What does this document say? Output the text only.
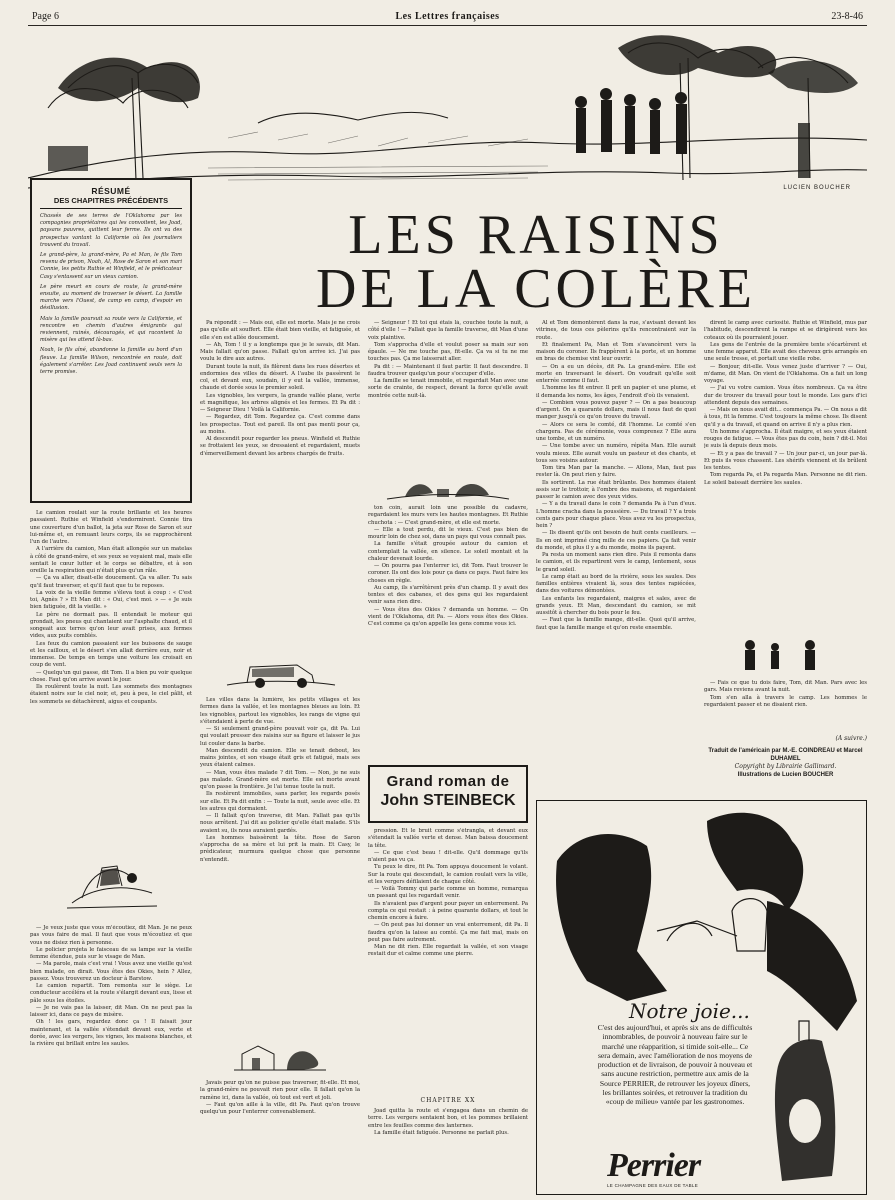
Page 6	Les Lettres françaises	23-8-46
LUCIEN BOUCHER
RÉSUMÉ
DES CHAPITRES PRÉCÉDENTS

Chassés de ses terres de l'Oklahoma par les compagnies propriétaires qui les convoitent, les Joad, paysans pauvres, quittent leur ferme. Ils ont vu des prospectus vantant la Californie où les journaliers trouvent du travail.

Le grand-père, la grand-mère, Pa et Man, le fils Tom revenu de prison, Noah, Al, Rose de Saron et son mari Connie, les petits Ruthie et Winfield, et le prédicateur Casy s'entassent sur un vieux camion.

Le père meurt en cours de route, la grand-mère ensuite, au moment de traverser le désert. La famille marche vers l'Ouest, de camp en camp, d'espoir en désillusion.

Mais la famille poursuit sa route vers la Californie, et rencontre en chemin d'autres émigrants qui reviennent, ruinés, découragés, et qui racontent la misère qui les attend là-bas.

Noah, le fils aîné, abandonne la famille au bord d'un fleuve. La famille Wilson, rencontrée en route, doit également s'arrêter. Les Joad continuent seuls vers la terre promise.

LES RAISINS
DE LA COLÈRE

Le camion roulait sur la route brillante et les heures passaient. Ruthie et Winfield s'endormirent. Connie tira une couverture d'un ballot, la jeta sur Rose de Saron et sur lui-même et, en remuant leurs corps, ils se rapprochèrent l'un de l'autre.

A l'arrière du camion, Man était allongée sur un matelas à côté de grand-mère, et ses yeux se voyaient mal, mais elle sentait le cœur lutter et le corps se débattre, et à son oreille la respiration qui n'était plus qu'un râle.

— Ça va aller, disait-elle doucement. Ça va aller. Tu sais qu'il faut traverser, et qu'il faut que tu te reposes.

La voix de la vieille femme s'éleva tout à coup : « C'est toi, Agnès ? » Et Man dit : « Oui, c'est moi. » — « Je suis bien fatiguée, dit la vieille. »

Le père ne dormait pas. Il entendait le moteur qui grondait, les pneus qui chantaient sur l'asphalte chaud, et il songeait aux terres qu'on leur avait prises, aux fermes vides, aux puits comblés.

Les feux du camion passaient sur les buissons de sauge et les cailloux, et le désert s'en allait derrière eux, noir et immense. De temps en temps une voiture les croisait en coup de vent.

— Quelqu'un qui passe, dit Tom. Il a bien pu voir quelque chose. Faut qu'on arrive avant le jour.

Ils roulèrent toute la nuit. Les sommets des montagnes étaient noirs sur le ciel noir, et, peu à peu, le ciel pâlit, et les sommets se détachèrent, aigus et coupants.

— Je veux juste que vous m'écoutiez, dit Man. Je ne peux pas vous faire de mal. Il faut que vous m'écoutiez et que vous ne disiez rien à personne.

Le policier projeta le faisceau de sa lampe sur la vieille femme étendue, puis sur le visage de Man.

— Ma parole, mais c'est vrai ! Vous avez une vieille qu'est bien malade, on dirait. Vous êtes des Okies, hein ? Allez, passez. Vous trouverez un docteur à Barstow.

Le camion repartit. Tom remonta sur le siège. Le conducteur accéléra et la route s'élargit devant eux, lisse et pâle sous les étoiles.

— Je ne vais pas la laisser, dit Man. On ne peut pas la laisser ici, dans ce pays de misère.

Oh ! les gars, regardez donc ça ! Il faisait jour maintenant, et la vallée s'étendait devant eux, verte et dorée, avec les vergers, les vignes, les maisons blanches, et la rivière qui brillait entre les saules.

Pa répondit : — Mais oui, elle est morte. Mais je ne crois pas qu'elle ait souffert. Elle était bien vieille, et fatiguée, et elle s'en est allée doucement.

— Ah, Tom ! il y a longtemps que je le savais, dit Man. Mais fallait qu'on passe. Fallait qu'on arrive ici. J'ai pas voulu le dire aux autres.

Durant toute la nuit, ils filèrent dans les rues désertes et endormies des villes du désert. A l'aube ils passèrent le col, et devant eux, soudain, il y eut la vallée, immense, chaude et dorée sous le premier soleil.

Les vignobles, les vergers, la grande vallée plane, verte et magnifique, les arbres alignés et les fermes. Et Pa dit : — Seigneur Dieu ! Voilà la Californie.

— Regardez, dit Tom. Regardez ça. C'est comme dans les prospectus. Tout est pareil. Ils ont pas menti pour ça, au moins.

Al descendit pour regarder les pneus. Winfield et Ruthie se frottaient les yeux, se dressaient et regardaient, muets d'émerveillement devant les arbres chargés de fruits.

Les villes dans la lumière, les petits villages et les fermes dans la vallée, et les montagnes bleues au loin. Et les vignobles, partout les vignobles, les rangs de vigne qui s'étendaient à perte de vue.

— Si seulement grand-père pouvait voir ça, dit Pa. Lui qui voulait presser des raisins sur sa figure et laisser le jus lui couler dans la barbe.

Man descendit du camion. Elle se tenait debout, les mains jointes, et son visage était gris et fatigué, mais ses yeux étaient calmes.

— Man, vous êtes malade ? dit Tom. — Non, je ne suis pas malade. Grand-mère est morte. Elle est morte avant qu'on passe la frontière. Je l'ai tenue toute la nuit.

Ils restèrent immobiles, sans parler, les regards posés sur elle. Et Pa dit enfin : — Toute la nuit, seule avec elle. Et les autres qui dormaient.

— Il fallait qu'on traverse, dit Man. Fallait pas qu'ils nous arrêtent. J'ai dit au policier qu'elle était malade. S'ils avaient su, ils nous auraient gardés.

Les hommes baissèrent la tête. Rose de Saron s'approcha de sa mère et lui prit la main. Et Casy, le prédicateur, murmura quelque chose que personne n'entendit.

Javais peur qu'on ne puisse pas traverser, fit-elle. Et moi, la grand-mère ne pouvait rien pour elle. Il fallait qu'on la ramène ici, dans la vallée, où tout est vert et joli.

— Faut qu'on aille à la ville, dit Pa. Faut qu'on trouve quelqu'un pour l'enterrer convenablement.

— Seigneur ! Et toi qui étais là, couchée toute la nuit, à côté d'elle ! — Fallait que la famille traverse, dit Man d'une voix plaintive.

Tom s'approcha d'elle et voulut poser sa main sur son épaule. — Ne me touche pas, fit-elle. Ça va si tu ne me touches pas. Ça me laisserait aller.

Pa dit : — Maintenant il faut partir. Il faut descendre. Il faudra trouver quelqu'un pour s'occuper d'elle.

La famille se tenait immobile, et regardait Man avec une sorte de crainte, de respect, devant la force qu'elle avait montrée cette nuit-là.

ton coin, aurait loin une possible du cadavre, regardaient les murs vers les hautes montagnes. Et Ruthie chuchota : — C'est grand-mère, et elle est morte.

— Elle a tout perdu, dit le vieux. C'est pas bien de mourir loin de chez soi, dans un pays qui vous connaît pas.

La famille s'était groupée autour du camion et contemplait la vallée, en silence. Le soleil montait et la chaleur devenait lourde.

— On pourra pas l'enterrer ici, dit Tom. Faut trouver le coroner. Ils ont des lois pour ça dans ce pays. Faut faire les choses en règle.

Au camp, ils s'arrêtèrent près d'un champ. Il y avait des tentes et des cabanes, et des gens qui les regardaient venir sans rien dire.

— Vous êtes des Okies ? demanda un homme. — On vient de l'Oklahoma, dit Pa. — Alors vous êtes des Okies. C'est comme ça qu'on appelle les gens comme vous ici.

Grand roman de
John STEINBECK

pression. Et le bruit comme s'étrangla, et devant eux s'étendait la vallée verte et dense. Man baissa doucement la tête.

— Ce que c'est beau ! dit-elle. Qu'il dommage qu'ils n'aient pas vu ça.

Tu peux le dire, fit Pa. Tom appuya doucement le volant. Sur la route qui descendait, le camion roulait vers la ville, et les vergers défilaient de chaque côté.

— Voilà Tommy qui parle comme un homme, remarqua un passant qui les regardait venir.

Ils n'avaient pas d'argent pour payer un enterrement. Pa compta ce qui restait : à peine quarante dollars, et tout le chemin encore à faire.

— On peut pas lui donner un vrai enterrement, dit Pa. Il faudra qu'on la laisse au comté. Ça me fait mal, mais on peut pas faire autrement.

Man ne dit rien. Elle regardait la vallée, et son visage restait dur et calme comme une pierre.

CHAPITRE XX

Joad quitta la route et s'engagea dans un chemin de terre. Les vergers sentaient bon, et les pommes brillaient entre les feuilles comme des lanternes.

La famille était fatiguée. Personne ne parlait plus.

Al et Tom démontèrent dans la rue, s'avisant devant les vitrines, de tous ces pèlerins qu'ils rencontraient sur la route.

Et finalement Pa, Man et Tom s'avancèrent vers la maison du coroner. Ils frappèrent à la porte, et un homme en bras de chemise vint leur ouvrir.

— On a eu un décès, dit Pa. La grand-mère. Elle est morte en traversant le désert. On voudrait qu'elle soit enterrée comme il faut.

L'homme les fit entrer. Il prit un papier et une plume, et il demanda les noms, les âges, l'endroit d'où ils venaient.

— Combien vous pouvez payer ? — On a pas beaucoup d'argent. On a quarante dollars, mais il nous faut de quoi manger jusqu'à ce qu'on trouve du travail.

— Alors ce sera le comté, dit l'homme. Le comté s'en chargera. Pas de cérémonie, vous comprenez ? Elle aura une tombe, et un numéro.

— Une tombe avec un numéro, répéta Man. Elle aurait voulu mieux. Elle aurait voulu un pasteur et des chants, et tous ses voisins autour.

Tom tira Man par la manche. — Allons, Man, faut pas rester là. On peut rien y faire.

Ils sortirent. La rue était brûlante. Des hommes étaient assis sur le trottoir, à l'ombre des maisons, et regardaient passer le camion avec des yeux vides.

— Y a du travail dans le coin ? demanda Pa à l'un d'eux. L'homme cracha dans la poussière. — Du travail ? Y a trois cents gars pour chaque place. Vous avez vu les prospectus, hein ?

— Ils disent qu'ils ont besoin de huit cents cueilleurs. — Ils en ont imprimé cinq mille de ces papiers. Ça fait venir du monde, et plus il y a du monde, moins ils payent.

Pa resta un moment sans rien dire. Puis il remonta dans le camion, et ils repartirent vers le camp, lentement, sous le grand soleil.

Le camp était au bord de la rivière, sous les saules. Des familles entières vivaient là, sous des tentes rapiécées, dans des voitures démontées.

Les enfants les regardaient, maigres et sales, avec de grands yeux. Et Man, descendant du camion, se mit aussitôt à chercher du bois pour le feu.

— Faut que la famille mange, dit-elle. Quoi qu'il arrive, faut que la famille mange et qu'on reste ensemble.

dirent le camp avec curiosité. Ruthie et Winfield, mus par l'habitude, descendirent la rampe et se dirigèrent vers les coteaux où ils pourraient jouer.

Les gens de l'entrée de la première tente s'écartèrent et une femme apparut. Elle avait des cheveux gris arrangés en une seule tresse, et portait une vieille robe.

— Bonjour, dit-elle. Vous venez juste d'arriver ? — Oui, m'dame, dit Man. On vient de l'Oklahoma. On a fait un long voyage.

— J'ai vu votre camion. Vous êtes nombreux. Ça va être dur de trouver du travail pour tout le monde. Les gars d'ici attendent depuis des semaines.

— Mais on nous avait dit... commença Pa. — On nous a dit à tous, fit la femme. C'est toujours la même chose. Ils disent qu'il y a du travail, et quand on arrive il n'y a plus rien.

Un homme s'approcha. Il était maigre, et ses yeux étaient rouges de fatigue. — Vous êtes pas du coin, hein ? dit-il. Moi je suis là depuis deux mois.

— Et y a pas de travail ? — Un jour par-ci, un jour par-là. Et puis ils vous chassent. Les shérifs viennent et ils brûlent les tentes.

Tom regarda Pa, et Pa regarda Man. Personne ne dit rien. Le soleil baissait derrière les saules.

— Fais ce que tu dois faire, Tom, dit Man. Pars avec les gars. Mais reviens avant la nuit.

Tom s'en alla à travers le camp. Les hommes le regardaient passer et ne disaient rien.

(A suivre.)
Traduit de l'américain par M.-E. COINDREAU et Marcel DUHAMEL
Copyright by Librairie Gallimard.
Illustrations de Lucien BOUCHER
Notre joie...
C'est des aujourd'hui, et après six ans de difficultés innombrables, de pouvoir à nouveau faire sur le marché une réapparition, si timide soit-elle... Ce sera demain, avec l'amélioration de nos moyens de production et de livraison, de pouvoir à nouveau et sans aucune restriction, permettre aux amis de la Source PERRIER, de retrouver les joyeux dîners, les brillantes soirées, et retrouver la tradition du «coup de milieu» vantée par les gastronomes.
Perrier
LE CHAMPAGNE DES EAUX DE TABLE
